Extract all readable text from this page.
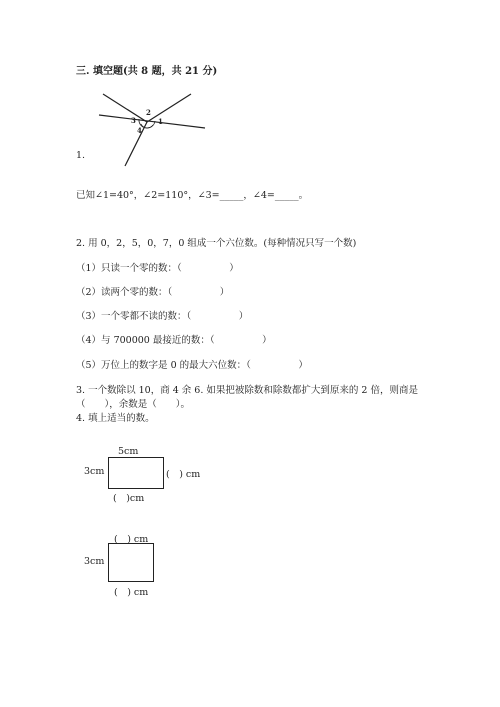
三. 填空题(共 8 题，共 21 分)
2
3	1
4
1.
已知∠1=40°，∠2=110°，∠3=_____，∠4=_____。
2. 用 0，2，5，0，7，0 组成一个六位数。(每种情况只写一个数)
（1）只读一个零的数：（　　　　　）
（2）读两个零的数：（　　　　　）
（3）一个零都不读的数：（　　　　　）
（4）与 700000 最接近的数：（　　　　　）
（5）万位上的数字是 0 的最大六位数：（　　　　　）
3. 一个数除以 10，商 4 余 6. 如果把被除数和除数都扩大到原来的 2 倍，则商是
（　　），余数是（　　）。
4. 填上适当的数。
5cm
3cm	(　) cm
(　)cm
(　) cm
3cm
(　) cm
